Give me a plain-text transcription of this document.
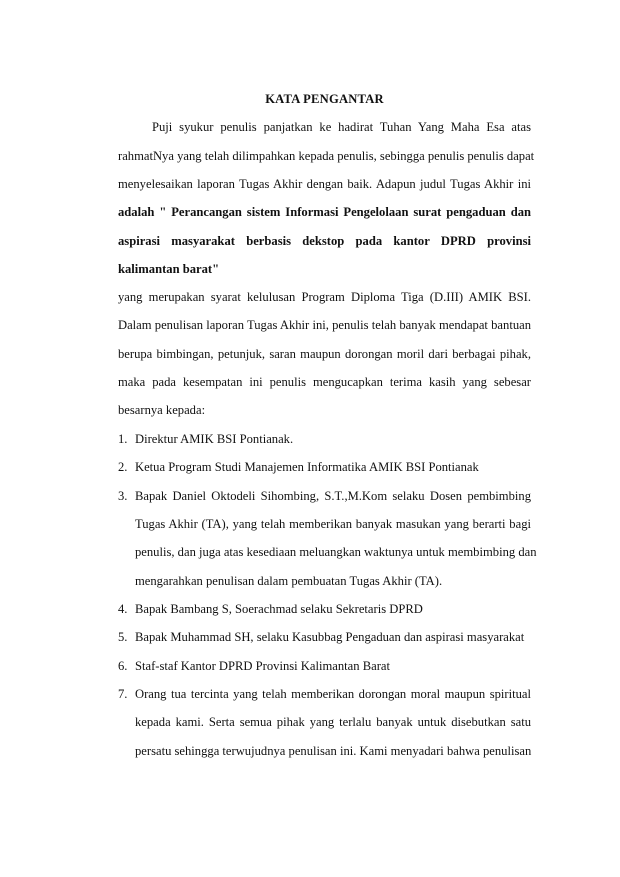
KATA PENGANTAR
Puji syukur penulis panjatkan ke hadirat Tuhan Yang Maha Esa atas
rahmatNya yang telah dilimpahkan kepada penulis, sebingga penulis penulis dapat
menyelesaikan laporan Tugas Akhir dengan baik. Adapun judul Tugas Akhir ini
adalah " Perancangan sistem Informasi Pengelolaan surat pengaduan dan
aspirasi masyarakat berbasis dekstop pada kantor DPRD provinsi
kalimantan barat"
yang merupakan syarat kelulusan Program Diploma Tiga (D.III) AMIK BSI.
Dalam penulisan laporan Tugas Akhir ini, penulis telah banyak mendapat bantuan
berupa bimbingan, petunjuk, saran maupun dorongan moril dari berbagai pihak,
maka pada kesempatan ini penulis mengucapkan terima kasih yang sebesar
besarnya kepada:
1. Direktur AMIK BSI Pontianak.
2. Ketua Program Studi Manajemen Informatika AMIK BSI Pontianak
3. Bapak Daniel Oktodeli Sihombing, S.T.,M.Kom selaku Dosen pembimbing
Tugas Akhir (TA), yang telah memberikan banyak masukan yang berarti bagi
penulis, dan juga atas kesediaan meluangkan waktunya untuk membimbing dan
mengarahkan penulisan dalam pembuatan Tugas Akhir (TA).
4. Bapak Bambang S, Soerachmad selaku Sekretaris DPRD
5. Bapak Muhammad SH, selaku Kasubbag Pengaduan dan aspirasi masyarakat
6. Staf-staf Kantor DPRD Provinsi Kalimantan Barat
7. Orang tua tercinta yang telah memberikan dorongan moral maupun spiritual
kepada kami. Serta semua pihak yang terlalu banyak untuk disebutkan satu
persatu sehingga terwujudnya penulisan ini. Kami menyadari bahwa penulisan
